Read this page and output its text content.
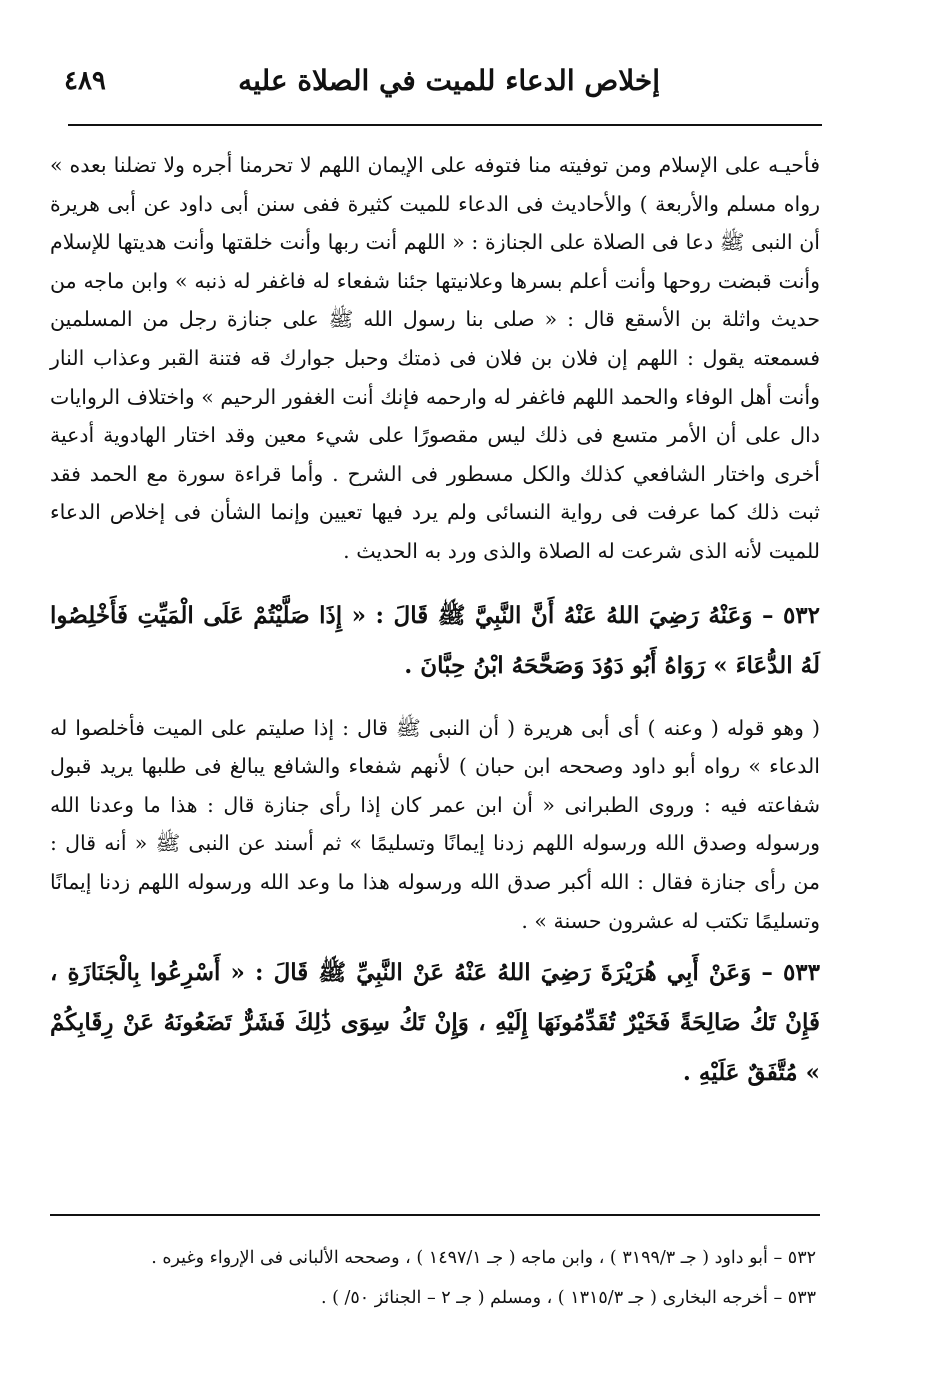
إخلاص الدعاء للميت في الصلاة عليه
٤٨٩

فأحيـه على الإسلام ومن توفيته منا فتوفه على الإيمان اللهم لا تحرمنا أجره ولا تضلنا بعده » رواه مسلم والأربعة ) والأحاديث فى الدعاء للميت كثيرة ففى سنن أبى داود عن أبى هريرة أن النبى ﷺ دعا فى الصلاة على الجنازة : « اللهم أنت ربها وأنت خلقتها وأنت هديتها للإسلام وأنت قبضت روحها وأنت أعلم بسرها وعلانيتها جئنا شفعاء له فاغفر له ذنبه » وابن ماجه من حديث واثلة بن الأسقع قال : « صلى بنا رسول الله ﷺ على جنازة رجل من المسلمين فسمعته يقول : اللهم إن فلان بن فلان فى ذمتك وحبل جوارك قه فتنة القبر وعذاب النار وأنت أهل الوفاء والحمد اللهم فاغفر له وارحمه فإنك أنت الغفور الرحيم » واختلاف الروايات دال على أن الأمر متسع فى ذلك ليس مقصورًا على شيء معين وقد اختار الهادوية أدعية أخرى واختار الشافعي كذلك والكل مسطور فى الشرح . وأما قراءة سورة مع الحمد فقد ثبت ذلك كما عرفت فى رواية النسائى ولم يرد فيها تعيين وإنما الشأن فى إخلاص الدعاء للميت لأنه الذى شرعت له الصلاة والذى ورد به الحديث .

٥٣٢ – وَعَنْهُ رَضِيَ اللهُ عَنْهُ أَنَّ النَّبِيَّ ﷺ قَالَ : « إِذَا صَلَّيْتُمْ عَلَى الْمَيِّتِ فَأَخْلِصُوا لَهُ الدُّعَاءَ » رَوَاهُ أَبُو دَوُدَ وَصَحَّحَهُ ابْنُ حِبَّانَ .

( وهو قوله ( وعنه ) أى أبى هريرة ( أن النبى ﷺ قال : إذا صليتم على الميت فأخلصوا له الدعاء » رواه أبو داود وصححه ابن حبان ) لأنهم شفعاء والشافع يبالغ فى طلبها يريد قبول شفاعته فيه : وروى الطبرانى « أن ابن عمر كان إذا رأى جنازة قال : هذا ما وعدنا الله ورسوله وصدق الله ورسوله اللهم زدنا إيمانًا وتسليمًا » ثم أسند عن النبى ﷺ « أنه قال : من رأى جنازة فقال : الله أكبر صدق الله ورسوله هذا ما وعد الله ورسوله اللهم زدنا إيمانًا وتسليمًا تكتب له عشرون حسنة » .

٥٣٣ – وَعَنْ أَبِي هُرَيْرَةَ رَضِيَ اللهُ عَنْهُ عَنْ النَّبِيِّ ﷺ قَالَ : « أَسْرِعُوا بِالْجَنَازَةِ ، فَإِنْ تَكُ صَالِحَةً فَخَيْرٌ تُقَدِّمُونَهَا إِلَيْهِ ، وَإِنْ تَكُ سِوَى ذَٰلِكَ فَشَرٌّ تَضَعُونَهُ عَنْ رِقَابِكُمْ » مُتَّفَقٌ عَلَيْهِ .

٥٣٢ – أبو داود ( جـ ٣١٩٩/٣ ) ، وابن ماجه ( جـ ١٤٩٧/١ ) ، وصححه الألبانى فى الإرواء وغيره .

٥٣٣ – أخرجه البخارى ( جـ ١٣١٥/٣ ) ، ومسلم ( جـ ٢ – الجنائز ٥٠/ ) .
